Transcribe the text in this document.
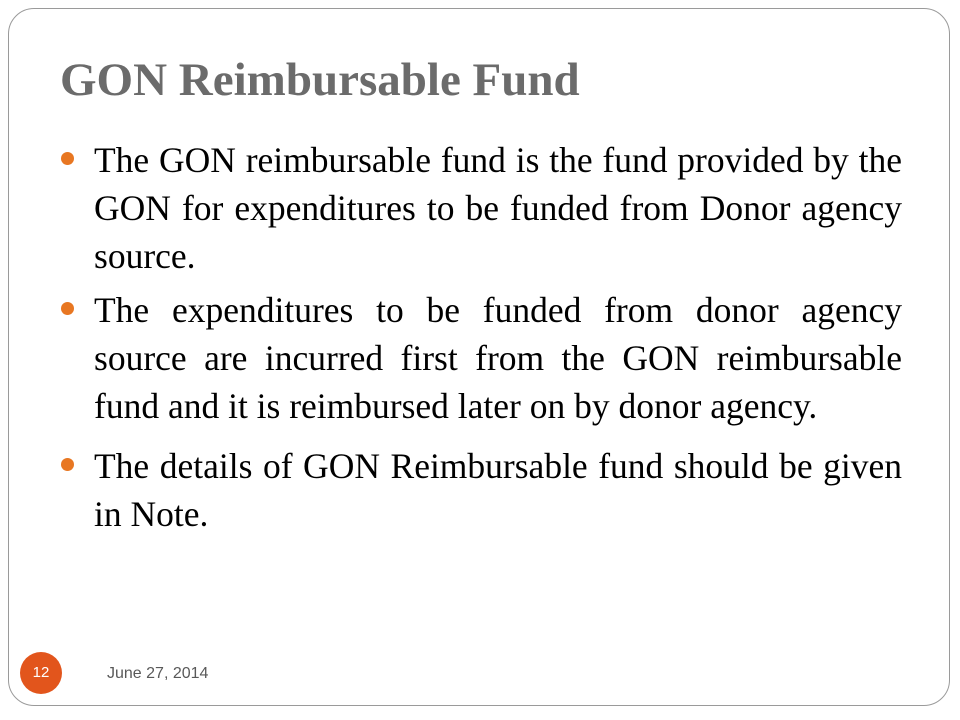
GON Reimbursable Fund
The GON reimbursable fund is the fund provided by the GON for expenditures to be funded from Donor agency source.
The expenditures to be funded from donor agency source are incurred first from the GON reimbursable fund and it is reimbursed later on by donor agency.
The details of GON Reimbursable fund should be given in Note.
12	June 27, 2014
